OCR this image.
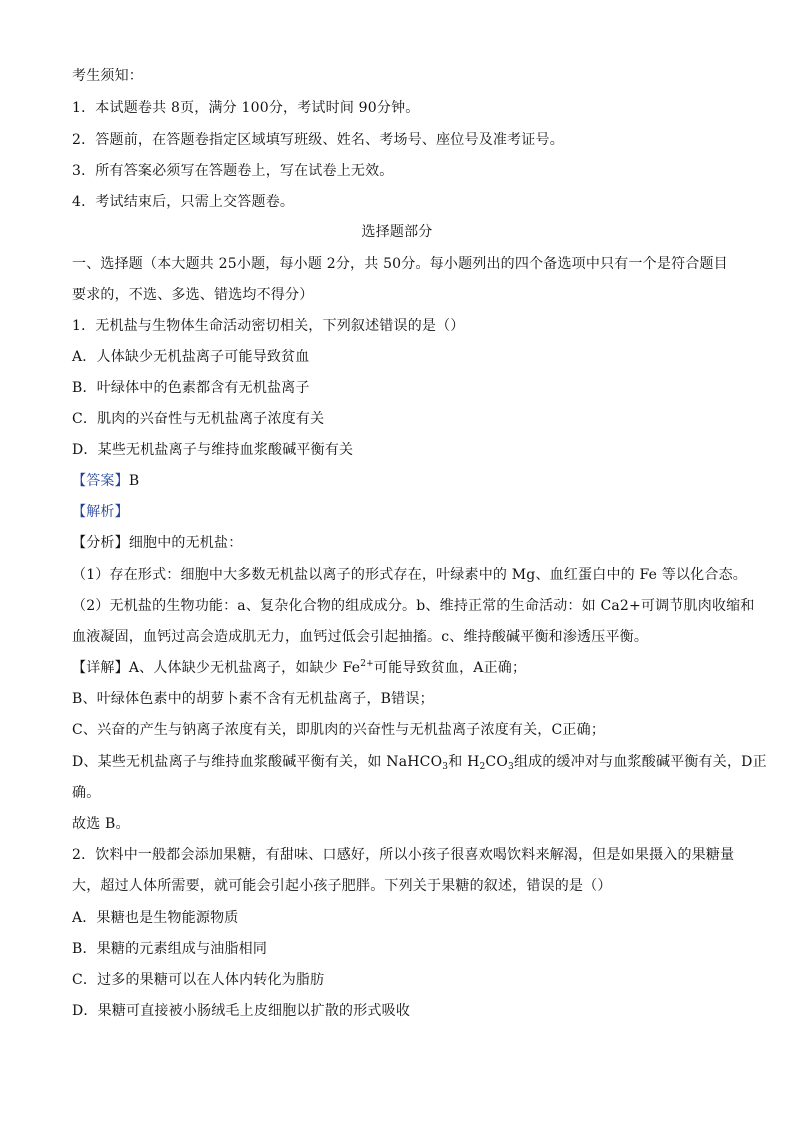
考生须知：
1．本试题卷共 8页，满分 100分，考试时间 90分钟。
2．答题前，在答题卷指定区域填写班级、姓名、考场号、座位号及准考证号。
3．所有答案必须写在答题卷上，写在试卷上无效。
4．考试结束后，只需上交答题卷。
选择题部分
一、选择题（本大题共 25小题，每小题 2分，共 50分。每小题列出的四个备选项中只有一个是符合题目
要求的，不选、多选、错选均不得分）
1．无机盐与生物体生命活动密切相关，下列叙述错误的是（）
A．人体缺少无机盐离子可能导致贫血
B．叶绿体中的色素都含有无机盐离子
C．肌肉的兴奋性与无机盐离子浓度有关
D．某些无机盐离子与维持血浆酸碱平衡有关
【答案】B
【解析】
【分析】细胞中的无机盐：
（1）存在形式：细胞中大多数无机盐以离子的形式存在，叶绿素中的 Mg、血红蛋白中的 Fe 等以化合态。
（2）无机盐的生物功能：a、复杂化合物的组成成分。b、维持正常的生命活动：如 Ca2+可调节肌肉收缩和
血液凝固，血钙过高会造成肌无力，血钙过低会引起抽搐。c、维持酸碱平衡和渗透压平衡。
【详解】A、人体缺少无机盐离子，如缺少 $Fe^{2+}$可能导致贫血，A正确；
B、叶绿体色素中的胡萝卜素不含有无机盐离子，B错误；
C、兴奋的产生与钠离子浓度有关，即肌肉的兴奋性与无机盐离子浓度有关，C正确；
D、某些无机盐离子与维持血浆酸碱平衡有关，如 NaHCO$_3$和 $H_2CO_3$组成的缓冲对与血浆酸碱平衡有关，D正
确。
故选 B。
2．饮料中一般都会添加果糖，有甜味、口感好，所以小孩子很喜欢喝饮料来解渴，但是如果摄入的果糖量
大，超过人体所需要，就可能会引起小孩子肥胖。下列关于果糖的叙述，错误的是（）
A．果糖也是生物能源物质
B．果糖的元素组成与油脂相同
C．过多的果糖可以在人体内转化为脂肪
D．果糖可直接被小肠绒毛上皮细胞以扩散的形式吸收
